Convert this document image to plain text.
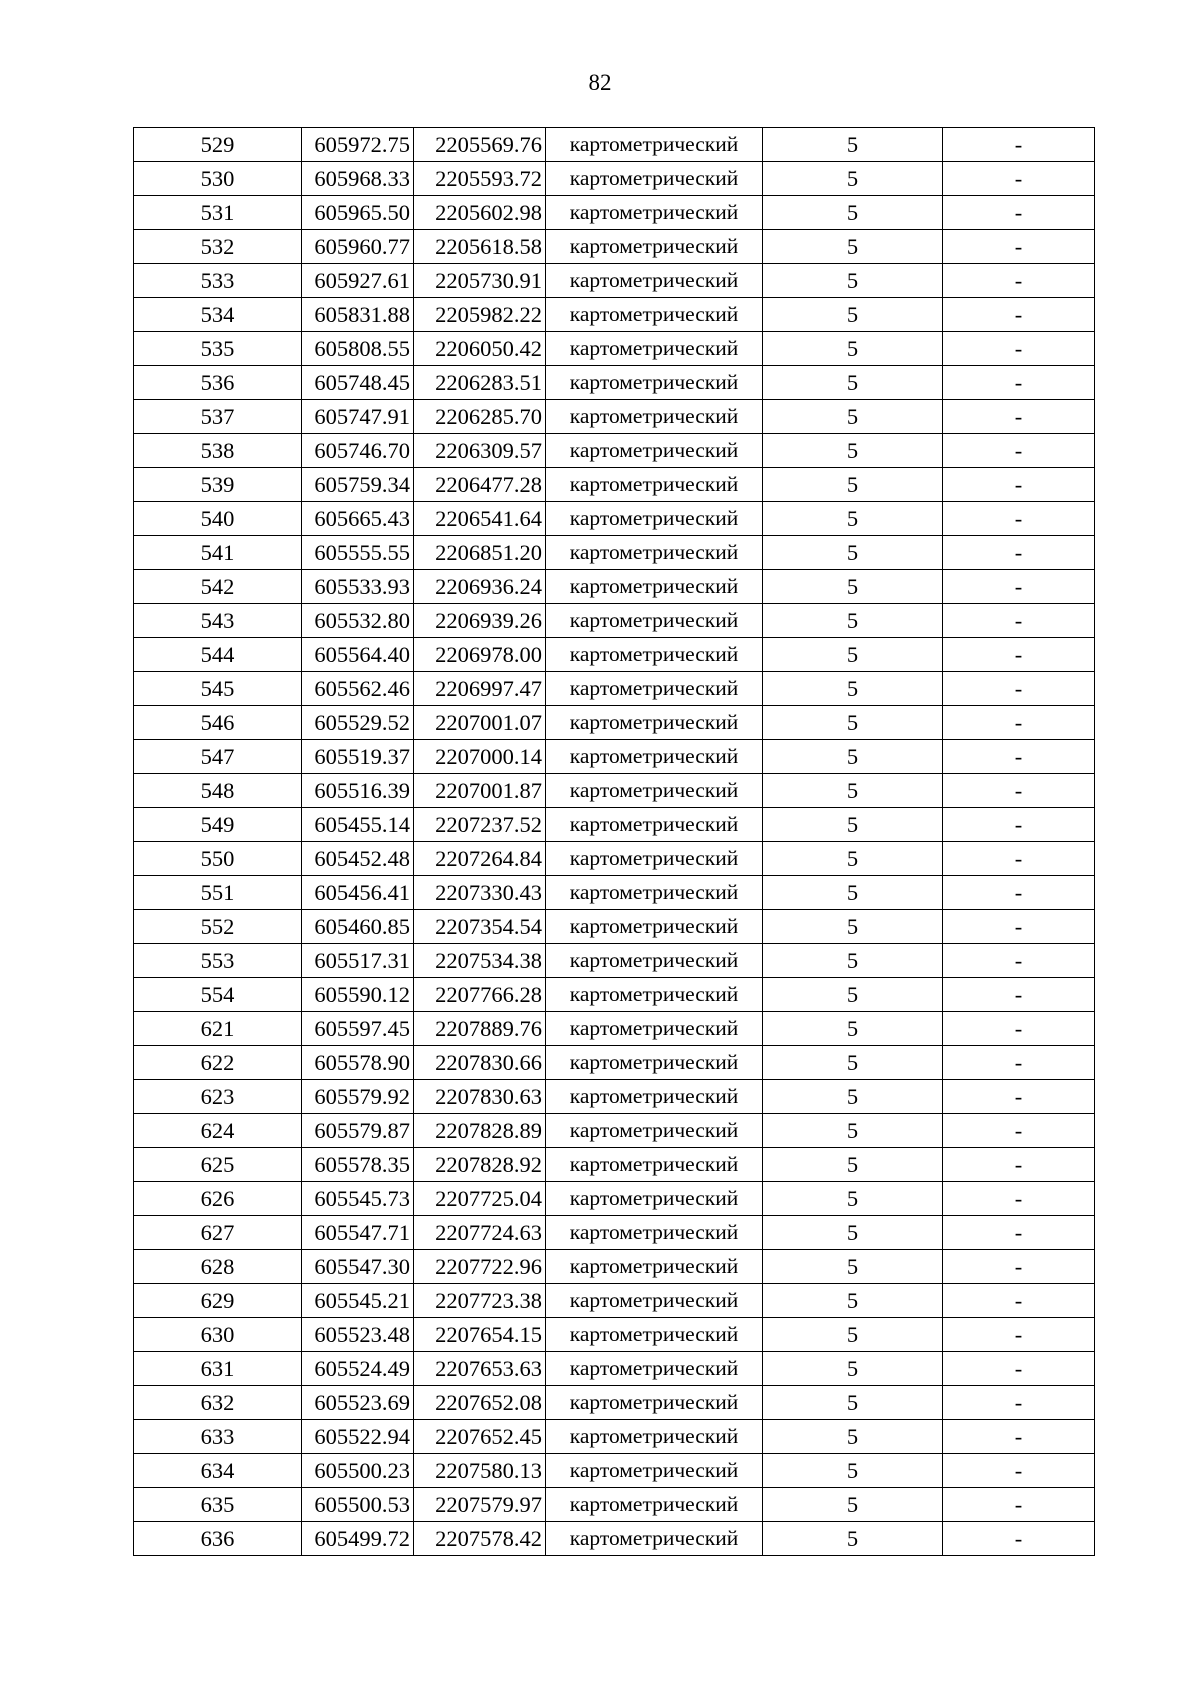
82
529	605972.75	2205569.76	картометрический	5	-
530	605968.33	2205593.72	картометрический	5	-
531	605965.50	2205602.98	картометрический	5	-
532	605960.77	2205618.58	картометрический	5	-
533	605927.61	2205730.91	картометрический	5	-
534	605831.88	2205982.22	картометрический	5	-
535	605808.55	2206050.42	картометрический	5	-
536	605748.45	2206283.51	картометрический	5	-
537	605747.91	2206285.70	картометрический	5	-
538	605746.70	2206309.57	картометрический	5	-
539	605759.34	2206477.28	картометрический	5	-
540	605665.43	2206541.64	картометрический	5	-
541	605555.55	2206851.20	картометрический	5	-
542	605533.93	2206936.24	картометрический	5	-
543	605532.80	2206939.26	картометрический	5	-
544	605564.40	2206978.00	картометрический	5	-
545	605562.46	2206997.47	картометрический	5	-
546	605529.52	2207001.07	картометрический	5	-
547	605519.37	2207000.14	картометрический	5	-
548	605516.39	2207001.87	картометрический	5	-
549	605455.14	2207237.52	картометрический	5	-
550	605452.48	2207264.84	картометрический	5	-
551	605456.41	2207330.43	картометрический	5	-
552	605460.85	2207354.54	картометрический	5	-
553	605517.31	2207534.38	картометрический	5	-
554	605590.12	2207766.28	картометрический	5	-
621	605597.45	2207889.76	картометрический	5	-
622	605578.90	2207830.66	картометрический	5	-
623	605579.92	2207830.63	картометрический	5	-
624	605579.87	2207828.89	картометрический	5	-
625	605578.35	2207828.92	картометрический	5	-
626	605545.73	2207725.04	картометрический	5	-
627	605547.71	2207724.63	картометрический	5	-
628	605547.30	2207722.96	картометрический	5	-
629	605545.21	2207723.38	картометрический	5	-
630	605523.48	2207654.15	картометрический	5	-
631	605524.49	2207653.63	картометрический	5	-
632	605523.69	2207652.08	картометрический	5	-
633	605522.94	2207652.45	картометрический	5	-
634	605500.23	2207580.13	картометрический	5	-
635	605500.53	2207579.97	картометрический	5	-
636	605499.72	2207578.42	картометрический	5	-
